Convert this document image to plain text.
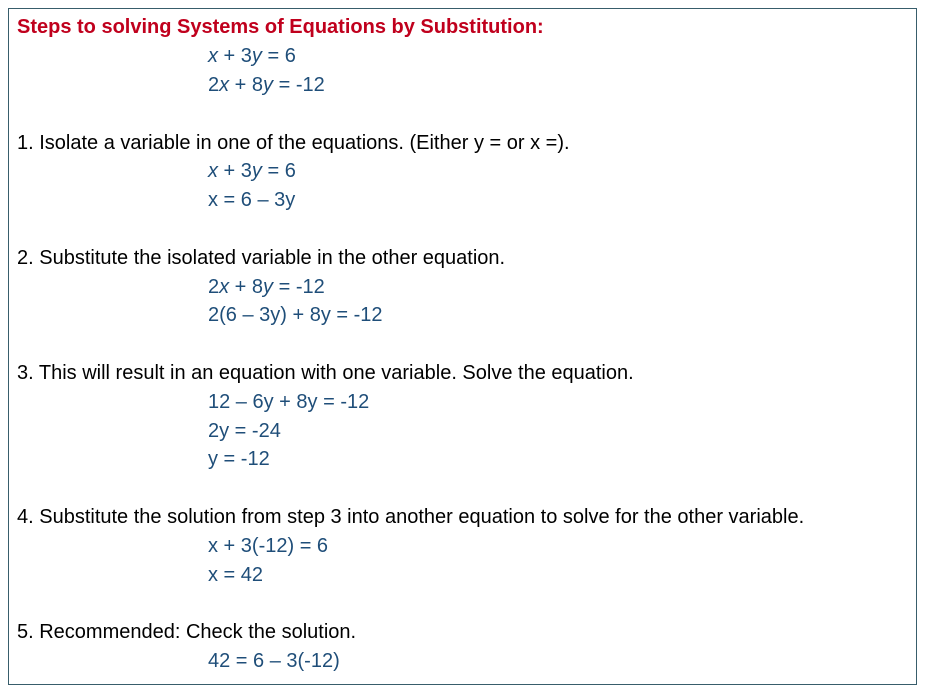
Steps to solving Systems of Equations by Substitution:
x + 3y = 6
2x + 8y = -12
1. Isolate a variable in one of the equations. (Either y = or x =).
x + 3y = 6
x = 6 – 3y
2. Substitute the isolated variable in the other equation.
2x + 8y = -12
2(6 – 3y) + 8y = -12
3. This will result in an equation with one variable. Solve the equation.
12 – 6y + 8y = -12
2y = -24
y = -12
4. Substitute the solution from step 3 into another equation to solve for the other variable.
x + 3(-12) = 6
x = 42
5. Recommended: Check the solution.
42 = 6 – 3(-12)
